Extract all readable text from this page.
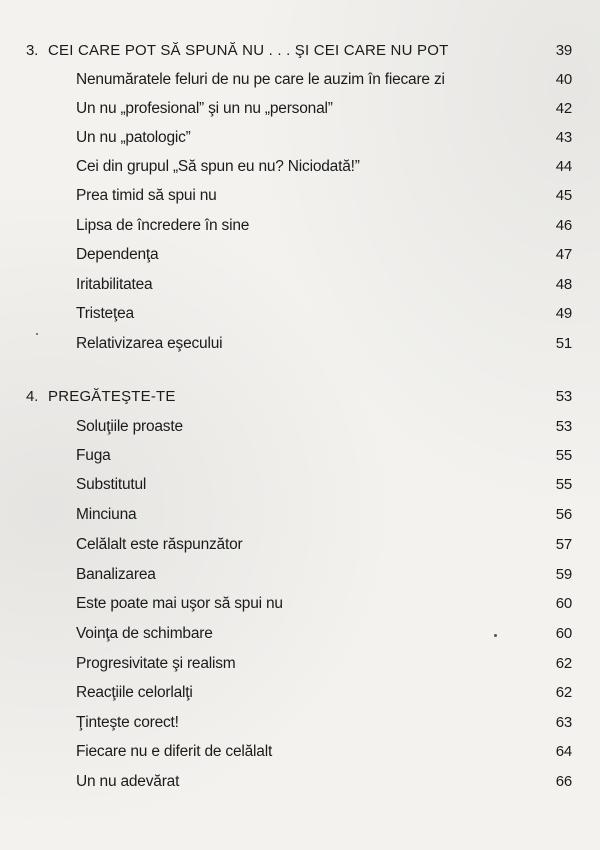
3. CEI CARE POT SĂ SPUNĂ NU . . . ŞI CEI CARE NU POT	39
Nenumăratele feluri de nu pe care le auzim în fiecare zi	40
Un nu „profesional” şi un nu „personal”	42
Un nu „patologic”	43
Cei din grupul „Să spun eu nu? Niciodată!”	44
Prea timid să spui nu	45
Lipsa de încredere în sine	46
Dependenţa	47
Iritabilitatea	48
Tristeţea	49
Relativizarea eşecului	51
4. PREGĂTEŞTE-TE	53
Soluţiile proaste	53
Fuga	55
Substitutul	55
Minciuna	56
Celălalt este răspunzător	57
Banalizarea	59
Este poate mai uşor să spui nu	60
Voinţa de schimbare	60
Progresivitate şi realism	62
Reacţiile celorlalţi	62
Ţinteşte corect!	63
Fiecare nu e diferit de celălalt	64
Un nu adevărat	66
